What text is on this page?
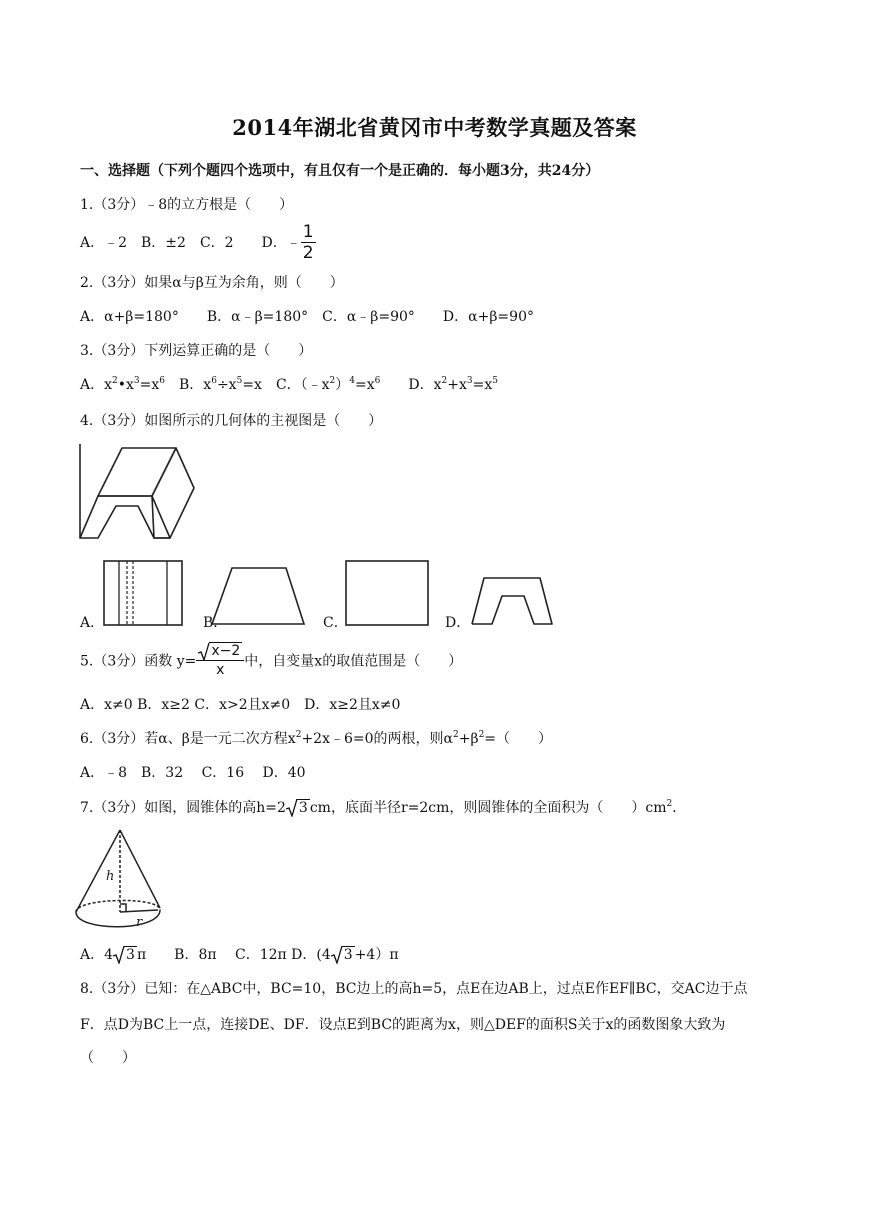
2014年湖北省黄冈市中考数学真题及答案
一、选择题（下列个题四个选项中，有且仅有一个是正确的．每小题3分，共24分）
1.（3分）﹣8的立方根是（　　）
A．﹣2　B．±2　C．2　　D．﹣ $\frac{1}{2}$
2.（3分）如果α与β互为余角，则（　　）
A．α+β=180°　　B．α﹣β=180°　C．α﹣β=90°　　D．α+β=90°
3.（3分）下列运算正确的是（　　）
A．$x^2•x^3=x^6$　B．$x^6\div x^5=x$　C．$(﹣x^2)^4=x^6$　　D．$x^2+x^3=x^5$
4.（3分）如图所示的几何体的主视图是（　　）
A．	B．	C．	D．
5.（3分）函数 $y= \frac{x-2}{x}$ 中，自变量x的取值范围是（　　）
A．x≠0 B．x≥2 C．x>2且x≠0　D．x≥2且x≠0
6.（3分）若α、β是一元二次方程$x^2+2x﹣6=0$的两根，则$\alpha^2+\beta^2=$（　　）
A．﹣8　B．32　 C．16　 D．40
7.（3分）如图，圆锥体的高h=2 3 cm，底面半径r=2cm，则圆锥体的全面积为（　　）$cm^2$．
h
r
A．4 3 π　　B．8π　 C．12π D．(4 3 +4）π
8.（3分）已知：在△ABC中，BC=10，BC边上的高h=5，点E在边AB上，过点E作EF∥BC，交AC边于点
F．点D为BC上一点，连接DE、DF．设点E到BC的距离为x，则△DEF的面积S关于x的函数图象大致为
（　　）
